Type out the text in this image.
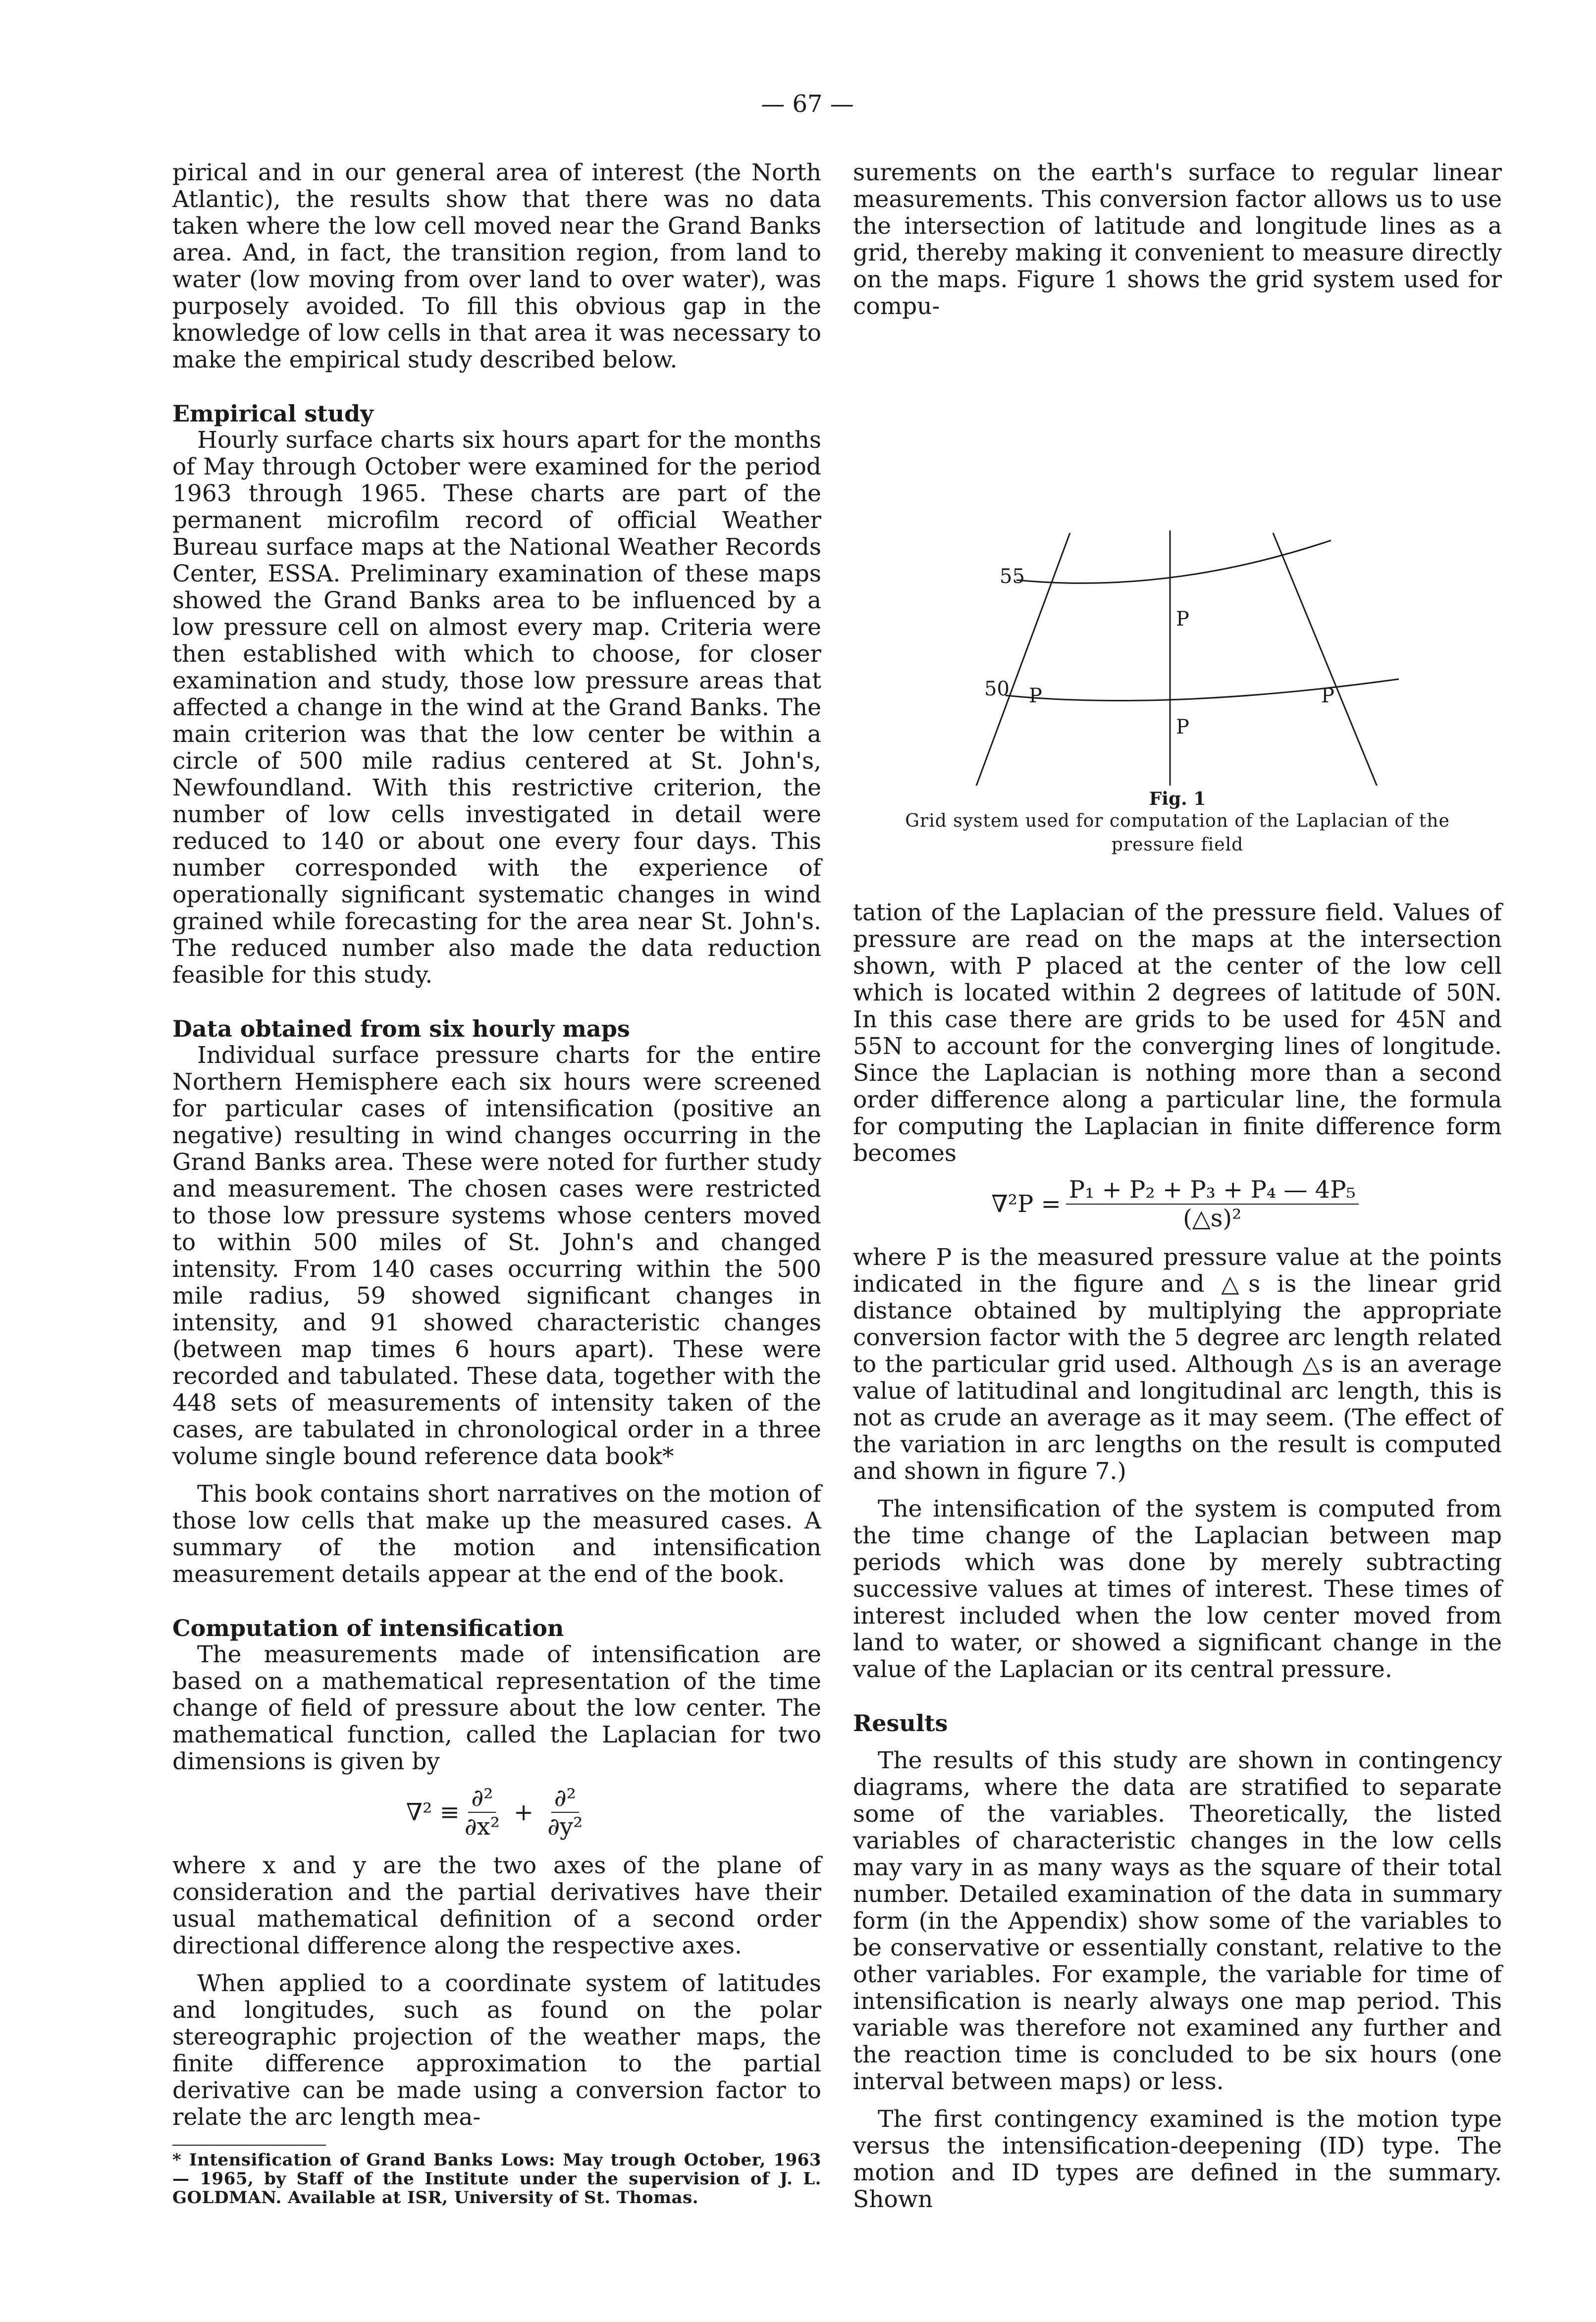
— 67 —

pirical and in our general area of interest (the North Atlantic), the results show that there was no data taken where the low cell moved near the Grand Banks area. And, in fact, the transition region, from land to water (low moving from over land to over water), was purposely avoided. To fill this obvious gap in the knowledge of low cells in that area it was necessary to make the empirical study described below.

Empirical study

Hourly surface charts six hours apart for the months of May through October were examined for the period 1963 through 1965. These charts are part of the permanent microfilm record of official Weather Bureau surface maps at the National Weather Records Center, ESSA. Preliminary examination of these maps showed the Grand Banks area to be influenced by a low pressure cell on almost every map. Criteria were then established with which to choose, for closer examination and study, those low pressure areas that affected a change in the wind at the Grand Banks. The main criterion was that the low center be within a circle of 500 mile radius centered at St. John's, Newfoundland. With this restrictive criterion, the number of low cells investigated in detail were reduced to 140 or about one every four days. This number corresponded with the experience of operationally significant systematic changes in wind grained while forecasting for the area near St. John's. The reduced number also made the data reduction feasible for this study.

Data obtained from six hourly maps

Individual surface pressure charts for the entire Northern Hemisphere each six hours were screened for particular cases of intensification (positive an negative) resulting in wind changes occurring in the Grand Banks area. These were noted for further study and measurement. The chosen cases were restricted to those low pressure systems whose centers moved to within 500 miles of St. John's and changed intensity. From 140 cases occurring within the 500 mile radius, 59 showed significant changes in intensity, and 91 showed characteristic changes (between map times 6 hours apart). These were recorded and tabulated. These data, together with the 448 sets of measurements of intensity taken of the cases, are tabulated in chronological order in a three volume single bound reference data book*

This book contains short narratives on the motion of those low cells that make up the measured cases. A summary of the motion and intensification measurement details appear at the end of the book.

Computation of intensification

The measurements made of intensification are based on a mathematical representation of the time change of field of pressure about the low center. The mathematical function, called the Laplacian for two dimensions is given by

$\nabla^2 \equiv \frac{\text{∂²}}{\text{∂x²}} + \frac{\text{∂²}}{\text{∂y²}}$

where x and y are the two axes of the plane of consideration and the partial derivatives have their usual mathematical definition of a second order directional difference along the respective axes.

When applied to a coordinate system of latitudes and longitudes, such as found on the polar stereographic projection of the weather maps, the finite difference approximation to the partial derivative can be made using a conversion factor to relate the arc length mea-

* Intensification of Grand Banks Lows: May trough October, 1963 — 1965, by Staff of the Institute under the supervision of J. L. GOLDMAN. Available at ISR, University of St. Thomas.

surements on the earth's surface to regular linear measurements. This conversion factor allows us to use the intersection of latitude and longitude lines as a grid, thereby making it convenient to measure directly on the maps. Figure 1 shows the grid system used for compu-

55
50
P
P
P
P
Fig. 1
Grid system used for computation of the Laplacian of the pressure field

tation of the Laplacian of the pressure field. Values of pressure are read on the maps at the intersection shown, with P placed at the center of the low cell which is located within 2 degrees of latitude of 50N. In this case there are grids to be used for 45N and 55N to account for the converging lines of longitude. Since the Laplacian is nothing more than a second order difference along a particular line, the formula for computing the Laplacian in finite difference form becomes

$\nabla^2P = \frac{\text{P₁ + P₂ + P₃ + P₄ — 4P₅}}{\text{(△s)²}}$

where P is the measured pressure value at the points indicated in the figure and △s is the linear grid distance obtained by multiplying the appropriate conversion factor with the 5 degree arc length related to the particular grid used. Although △s is an average value of latitudinal and longitudinal arc length, this is not as crude an average as it may seem. (The effect of the variation in arc lengths on the result is computed and shown in figure 7.)

The intensification of the system is computed from the time change of the Laplacian between map periods which was done by merely subtracting successive values at times of interest. These times of interest included when the low center moved from land to water, or showed a significant change in the value of the Laplacian or its central pressure.

Results

The results of this study are shown in contingency diagrams, where the data are stratified to separate some of the variables. Theoretically, the listed variables of characteristic changes in the low cells may vary in as many ways as the square of their total number. Detailed examination of the data in summary form (in the Appendix) show some of the variables to be conservative or essentially constant, relative to the other variables. For example, the variable for time of intensification is nearly always one map period. This variable was therefore not examined any further and the reaction time is concluded to be six hours (one interval between maps) or less.

The first contingency examined is the motion type versus the intensification-deepening (ID) type. The motion and ID types are defined in the summary. Shown
